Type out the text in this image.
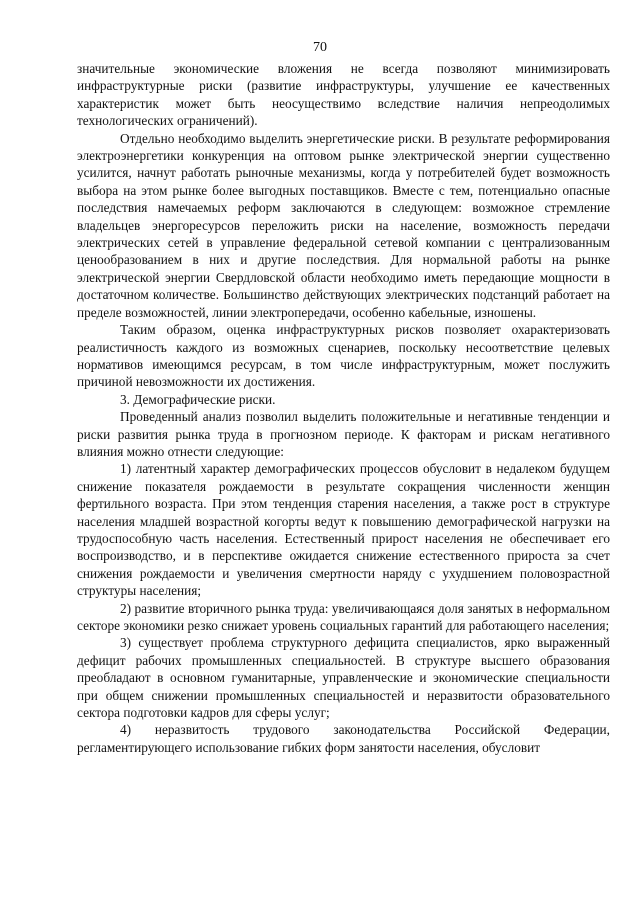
70

значительные экономические вложения не всегда позволяют минимизировать инфраструктурные риски (развитие инфраструктуры, улучшение ее качественных характеристик может быть неосуществимо вследствие наличия непреодолимых технологических ограничений).

Отдельно необходимо выделить энергетические риски. В результате реформирования электроэнергетики конкуренция на оптовом рынке электрической энергии существенно усилится, начнут работать рыночные механизмы, когда у потребителей будет возможность выбора на этом рынке более выгодных поставщиков. Вместе с тем, потенциально опасные последствия намечаемых реформ заключаются в следующем: возможное стремление владельцев энергоресурсов переложить риски на население, возможность передачи электрических сетей в управление федеральной сетевой компании с централизованным ценообразованием в них и другие последствия. Для нормальной работы на рынке электрической энергии Свердловской области необходимо иметь передающие мощности в достаточном количестве. Большинство действующих электрических подстанций работает на пределе возможностей, линии электропередачи, особенно кабельные, изношены.

Таким образом, оценка инфраструктурных рисков позволяет охарактеризовать реалистичность каждого из возможных сценариев, поскольку несоответствие целевых нормативов имеющимся ресурсам, в том числе инфраструктурным, может послужить причиной невозможности их достижения.

3. Демографические риски.

Проведенный анализ позволил выделить положительные и негативные тенденции и риски развития рынка труда в прогнозном периоде. К факторам и рискам негативного влияния можно отнести следующие:

1) латентный характер демографических процессов обусловит в недалеком будущем снижение показателя рождаемости в результате сокращения численности женщин фертильного возраста. При этом тенденция старения населения, а также рост в структуре населения младшей возрастной когорты ведут к повышению демографической нагрузки на трудоспособную часть населения. Естественный прирост населения не обеспечивает его воспроизводство, и в перспективе ожидается снижение естественного прироста за счет снижения рождаемости и увеличения смертности наряду с ухудшением половозрастной структуры населения;

2) развитие вторичного рынка труда: увеличивающаяся доля занятых в неформальном секторе экономики резко снижает уровень социальных гарантий для работающего населения;

3) существует проблема структурного дефицита специалистов, ярко выраженный дефицит рабочих промышленных специальностей. В структуре высшего образования преобладают в основном гуманитарные, управленческие и экономические специальности при общем снижении промышленных специальностей и неразвитости образовательного сектора подготовки кадров для сферы услуг;

4) неразвитость трудового законодательства Российской Федерации, регламентирующего использование гибких форм занятости населения, обусловит
